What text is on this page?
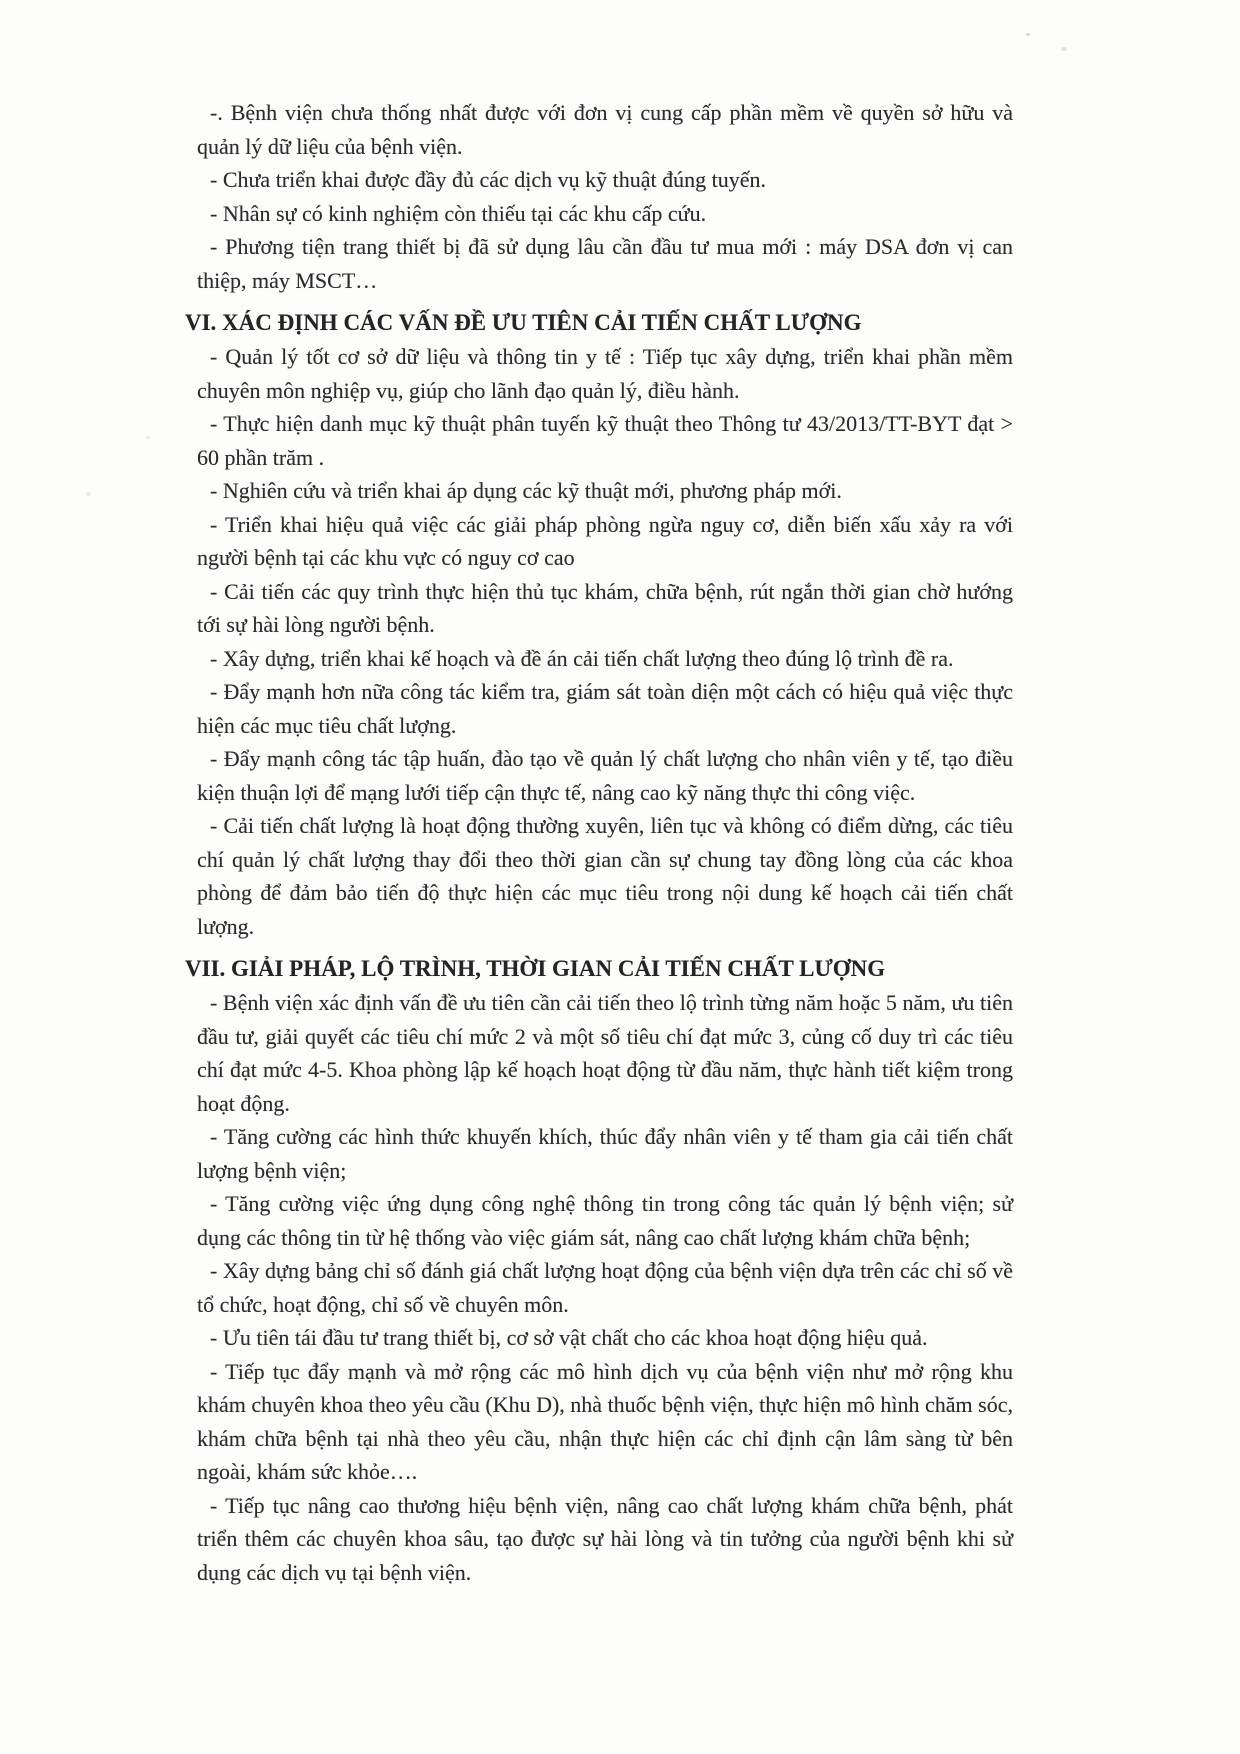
-. Bệnh viện chưa thống nhất được với đơn vị cung cấp phần mềm về quyền sở hữu và quản lý dữ liệu của bệnh viện.

- Chưa triển khai được đầy đủ các dịch vụ kỹ thuật đúng tuyến.

- Nhân sự có kinh nghiệm còn thiếu tại các khu cấp cứu.

- Phương tiện trang thiết bị đã sử dụng lâu cần đầu tư mua mới : máy DSA đơn vị can thiệp, máy MSCT…

VI. XÁC ĐỊNH CÁC VẤN ĐỀ ƯU TIÊN CẢI TIẾN CHẤT LƯỢNG

- Quản lý tốt cơ sở dữ liệu và thông tin y tế : Tiếp tục xây dựng, triển khai phần mềm chuyên môn nghiệp vụ, giúp cho lãnh đạo quản lý, điều hành.

- Thực hiện danh mục kỹ thuật phân tuyến kỹ thuật theo Thông tư 43/2013/TT-BYT đạt > 60 phần trăm .

- Nghiên cứu và triển khai áp dụng các kỹ thuật mới, phương pháp mới.

- Triển khai hiệu quả việc các giải pháp phòng ngừa nguy cơ, diễn biến xấu xảy ra với người bệnh tại các khu vực có nguy cơ cao

- Cải tiến các quy trình thực hiện thủ tục khám, chữa bệnh, rút ngắn thời gian chờ hướng tới sự hài lòng người bệnh.

- Xây dựng, triển khai kế hoạch và đề án cải tiến chất lượng theo đúng lộ trình đề ra.

- Đẩy mạnh hơn nữa công tác kiểm tra, giám sát toàn diện một cách có hiệu quả việc thực hiện các mục tiêu chất lượng.

- Đẩy mạnh công tác tập huấn, đào tạo về quản lý chất lượng cho nhân viên y tế, tạo điều kiện thuận lợi để mạng lưới tiếp cận thực tế, nâng cao kỹ năng thực thi công việc.

- Cải tiến chất lượng là hoạt động thường xuyên, liên tục và không có điểm dừng, các tiêu chí quản lý chất lượng thay đổi theo thời gian cần sự chung tay đồng lòng của các khoa phòng để đảm bảo tiến độ thực hiện các mục tiêu trong nội dung kế hoạch cải tiến chất lượng.

VII. GIẢI PHÁP, LỘ TRÌNH, THỜI GIAN CẢI TIẾN CHẤT LƯỢNG

- Bệnh viện xác định vấn đề ưu tiên cần cải tiến theo lộ trình từng năm hoặc 5 năm, ưu tiên đầu tư, giải quyết các tiêu chí mức 2 và một số tiêu chí đạt mức 3, củng cố duy trì các tiêu chí đạt mức 4-5. Khoa phòng lập kế hoạch hoạt động từ đầu năm, thực hành tiết kiệm trong hoạt động.

- Tăng cường các hình thức khuyến khích, thúc đẩy nhân viên y tế tham gia cải tiến chất lượng bệnh viện;

- Tăng cường việc ứng dụng công nghệ thông tin trong công tác quản lý bệnh viện; sử dụng các thông tin từ hệ thống vào việc giám sát, nâng cao chất lượng khám chữa bệnh;

- Xây dựng bảng chỉ số đánh giá chất lượng hoạt động của bệnh viện dựa trên các chỉ số về tổ chức, hoạt động, chỉ số về chuyên môn.

- Ưu tiên tái đầu tư trang thiết bị, cơ sở vật chất cho các khoa hoạt động hiệu quả.

- Tiếp tục đẩy mạnh và mở rộng các mô hình dịch vụ của bệnh viện như mở rộng khu khám chuyên khoa theo yêu cầu (Khu D), nhà thuốc bệnh viện, thực hiện mô hình chăm sóc, khám chữa bệnh tại nhà theo yêu cầu, nhận thực hiện các chỉ định cận lâm sàng từ bên ngoài, khám sức khỏe….

- Tiếp tục nâng cao thương hiệu bệnh viện, nâng cao chất lượng khám chữa bệnh, phát triển thêm các chuyên khoa sâu, tạo được sự hài lòng và tin tưởng của người bệnh khi sử dụng các dịch vụ tại bệnh viện.
